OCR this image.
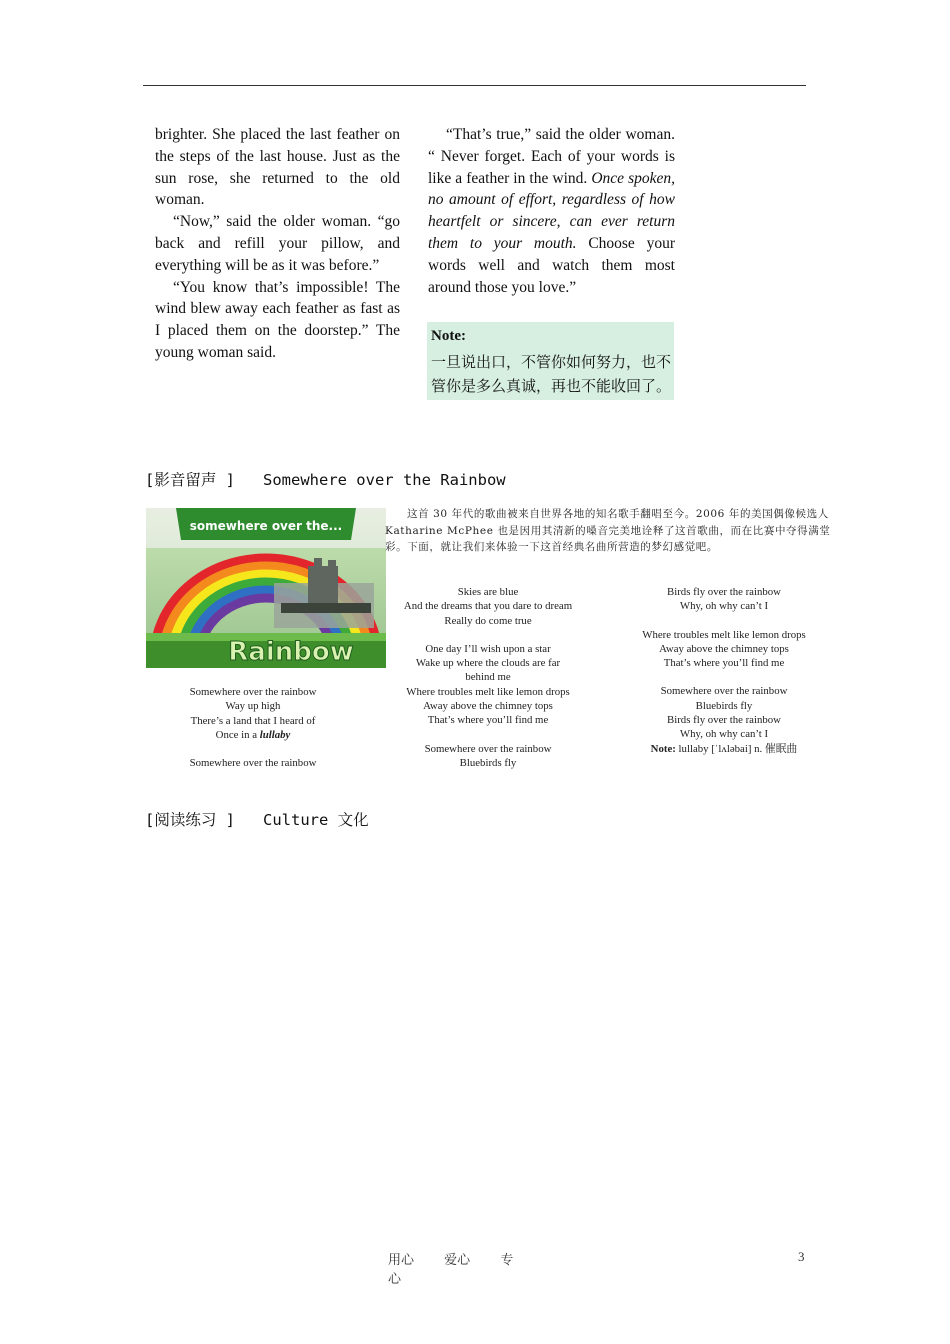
brighter. She placed the last feather on the steps of the last house. Just as the sun rose, she returned to the old woman.

“Now,” said the older woman. “go back and refill your pillow, and everything will be as it was before.”

“You know that’s impossible! The wind blew away each feather as fast as I placed them on the doorstep.” The young woman said.

“That’s true,” said the older woman. “ Never forget. Each of your words is like a feather in the wind. Once spoken, no amount of effort, regardless of how heartfelt or sincere, can ever return them to your mouth. Choose your words well and watch them most around those you love.”

Note:
一旦说出口，不管你如何努力，也不管你是多么真诚，再也不能收回了。
[影音留声 ]   Somewhere over the Rainbow
somewhere over the...
Rainbow

这首 30 年代的歌曲被来自世界各地的知名歌手翻唱至今。2006 年的美国偶像候选人 Katharine McPhee 也是因用其清新的嗓音完美地诠释了这首歌曲，而在比赛中夺得满堂彩。下面，就让我们来体验一下这首经典名曲所营造的梦幻感觉吧。

Somewhere over the rainbow
Way up high
There’s a land that I heard of
Once in a lullaby
Somewhere over the rainbow
Skies are blue
And the dreams that you dare to dream
Really do come true
One day I’ll wish upon a star
Wake up where the clouds are far
behind me
Where troubles melt like lemon drops
Away above the chimney tops
That’s where you’ll find me
Somewhere over the rainbow
Bluebirds fly
Birds fly over the rainbow
Why, oh why can’t I
Where troubles melt like lemon drops
Away above the chimney tops
That’s where you’ll find me
Somewhere over the rainbow
Bluebirds fly
Birds fly over the rainbow
Why, oh why can’t I
Note: lullaby [ˈlʌləbai] n. 催眠曲
[阅读练习 ]   Culture 文化
用心 爱心 专心
3
